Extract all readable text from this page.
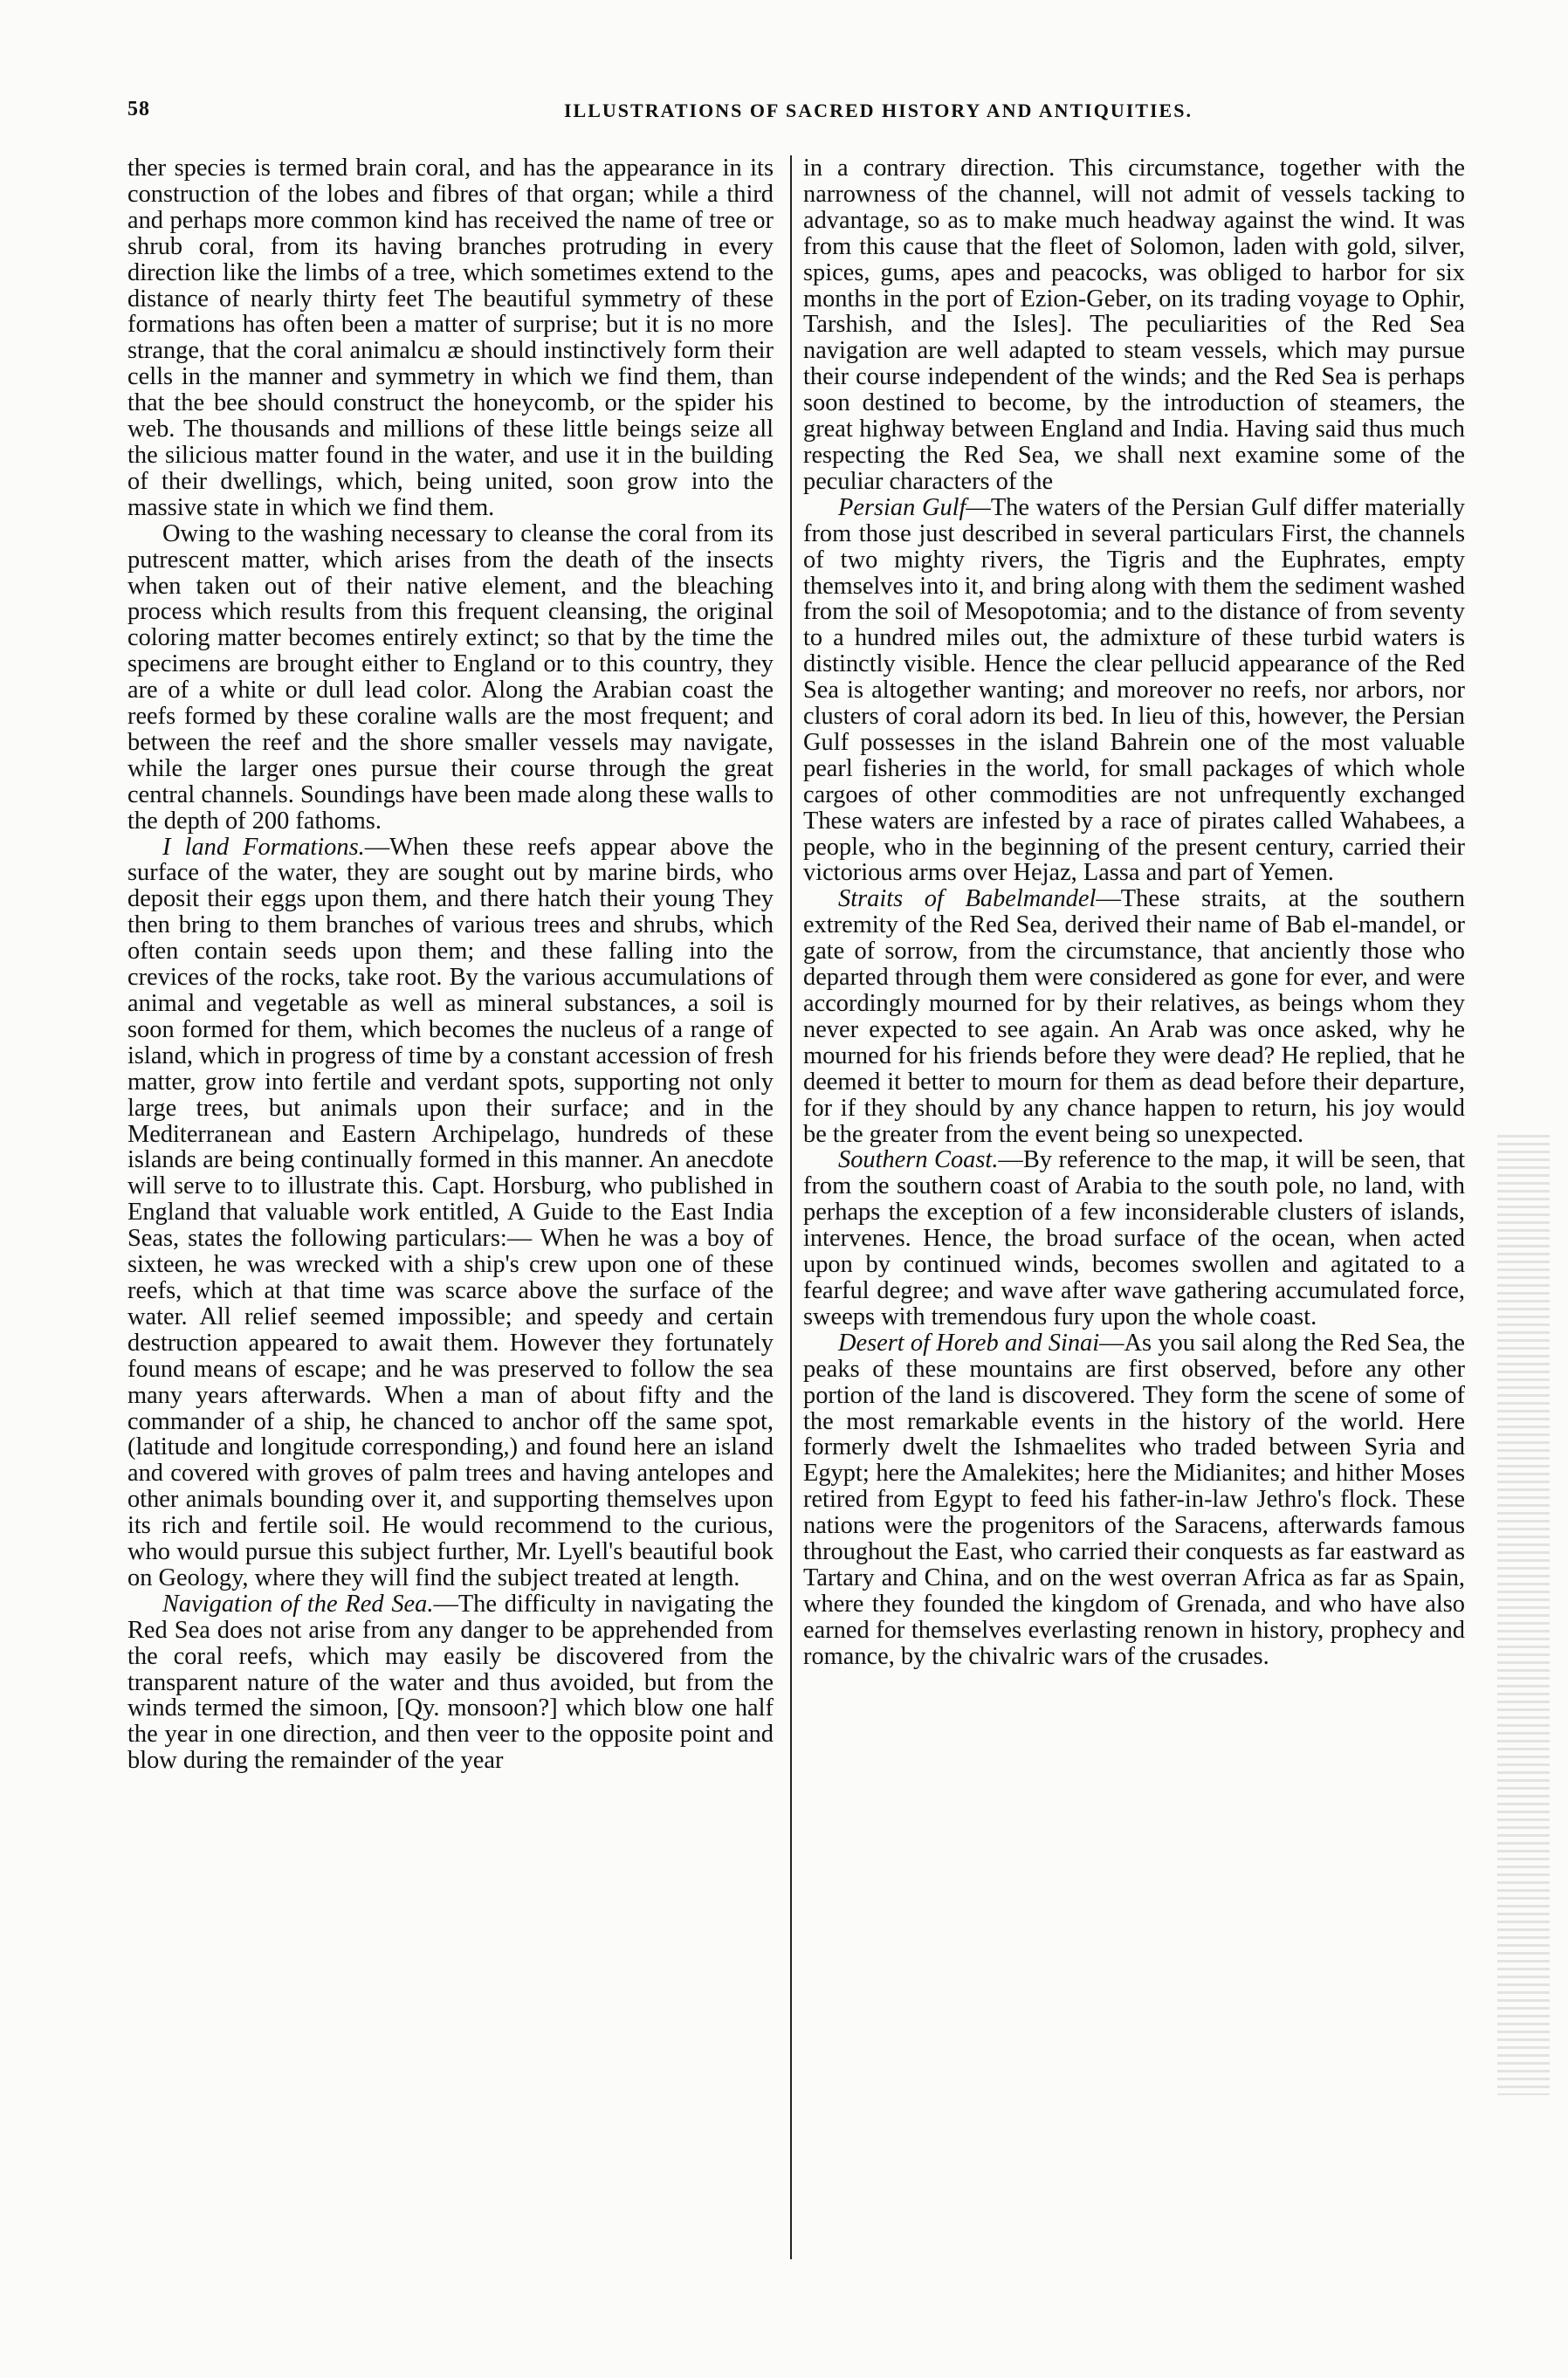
58	ILLUSTRATIONS OF SACRED HISTORY AND ANTIQUITIES.

ther species is termed brain coral, and has the appearance in its construction of the lobes and fibres of that organ; while a third and perhaps more common kind has received the name of tree or shrub coral, from its having branches protruding in every direction like the limbs of a tree, which sometimes extend to the distance of nearly thirty feet The beautiful symmetry of these formations has often been a matter of surprise; but it is no more strange, that the coral animalcu æ should instinctively form their cells in the manner and symmetry in which we find them, than that the bee should construct the honeycomb, or the spider his web. The thousands and millions of these little beings seize all the silicious matter found in the water, and use it in the building of their dwellings, which, being united, soon grow into the massive state in which we find them.

Owing to the washing necessary to cleanse the coral from its putrescent matter, which arises from the death of the insects when taken out of their native element, and the bleaching process which results from this frequent cleansing, the original coloring matter becomes entirely extinct; so that by the time the specimens are brought either to England or to this country, they are of a white or dull lead color. Along the Arabian coast the reefs formed by these coraline walls are the most frequent; and between the reef and the shore smaller vessels may navigate, while the larger ones pursue their course through the great central channels. Soundings have been made along these walls to the depth of 200 fathoms.

I land Formations.—When these reefs appear above the surface of the water, they are sought out by marine birds, who deposit their eggs upon them, and there hatch their young They then bring to them branches of various trees and shrubs, which often contain seeds upon them; and these falling into the crevices of the rocks, take root. By the various accumulations of animal and vegetable as well as mineral substances, a soil is soon formed for them, which becomes the nucleus of a range of island, which in progress of time by a constant accession of fresh matter, grow into fertile and verdant spots, supporting not only large trees, but animals upon their surface; and in the Mediterranean and Eastern Archipelago, hundreds of these islands are being continually formed in this manner. An anecdote will serve to to illustrate this. Capt. Horsburg, who published in England that valuable work entitled, A Guide to the East India Seas, states the following particulars:— When he was a boy of sixteen, he was wrecked with a ship's crew upon one of these reefs, which at that time was scarce above the surface of the water. All relief seemed impossible; and speedy and certain destruction appeared to await them. However they fortunately found means of escape; and he was preserved to follow the sea many years afterwards. When a man of about fifty and the commander of a ship, he chanced to anchor off the same spot, (latitude and longitude corresponding,) and found here an island and covered with groves of palm trees and having antelopes and other animals bounding over it, and supporting themselves upon its rich and fertile soil. He would recommend to the curious, who would pursue this subject further, Mr. Lyell's beautiful book on Geology, where they will find the subject treated at length.

Navigation of the Red Sea.—The difficulty in navigating the Red Sea does not arise from any danger to be apprehended from the coral reefs, which may easily be discovered from the transparent nature of the water and thus avoided, but from the winds termed the simoon, [Qy. monsoon?] which blow one half the year in one direction, and then veer to the opposite point and blow during the remainder of the year

in a contrary direction. This circumstance, together with the narrowness of the channel, will not admit of vessels tacking to advantage, so as to make much headway against the wind. It was from this cause that the fleet of Solomon, laden with gold, silver, spices, gums, apes and peacocks, was obliged to harbor for six months in the port of Ezion-Geber, on its trading voyage to Ophir, Tarshish, and the Isles]. The peculiarities of the Red Sea navigation are well adapted to steam vessels, which may pursue their course independent of the winds; and the Red Sea is perhaps soon destined to become, by the introduction of steamers, the great highway between England and India. Having said thus much respecting the Red Sea, we shall next examine some of the peculiar characters of the

Persian Gulf—The waters of the Persian Gulf differ materially from those just described in several particulars First, the channels of two mighty rivers, the Tigris and the Euphrates, empty themselves into it, and bring along with them the sediment washed from the soil of Mesopotomia; and to the distance of from seventy to a hundred miles out, the admixture of these turbid waters is distinctly visible. Hence the clear pellucid appearance of the Red Sea is altogether wanting; and moreover no reefs, nor arbors, nor clusters of coral adorn its bed. In lieu of this, however, the Persian Gulf possesses in the island Bahrein one of the most valuable pearl fisheries in the world, for small packages of which whole cargoes of other commodities are not unfrequently exchanged These waters are infested by a race of pirates called Wahabees, a people, who in the beginning of the present century, carried their victorious arms over Hejaz, Lassa and part of Yemen.

Straits of Babelmandel—These straits, at the southern extremity of the Red Sea, derived their name of Bab el-mandel, or gate of sorrow, from the circumstance, that anciently those who departed through them were considered as gone for ever, and were accordingly mourned for by their relatives, as beings whom they never expected to see again. An Arab was once asked, why he mourned for his friends before they were dead? He replied, that he deemed it better to mourn for them as dead before their departure, for if they should by any chance happen to return, his joy would be the greater from the event being so unexpected.

Southern Coast.—By reference to the map, it will be seen, that from the southern coast of Arabia to the south pole, no land, with perhaps the exception of a few inconsiderable clusters of islands, intervenes. Hence, the broad surface of the ocean, when acted upon by continued winds, becomes swollen and agitated to a fearful degree; and wave after wave gathering accumulated force, sweeps with tremendous fury upon the whole coast.

Desert of Horeb and Sinai—As you sail along the Red Sea, the peaks of these mountains are first observed, before any other portion of the land is discovered. They form the scene of some of the most remarkable events in the history of the world. Here formerly dwelt the Ishmaelites who traded between Syria and Egypt; here the Amalekites; here the Midianites; and hither Moses retired from Egypt to feed his father-in-law Jethro's flock. These nations were the progenitors of the Saracens, afterwards famous throughout the East, who carried their conquests as far eastward as Tartary and China, and on the west overran Africa as far as Spain, where they founded the kingdom of Grenada, and who have also earned for themselves everlasting renown in history, prophecy and romance, by the chivalric wars of the crusades.
